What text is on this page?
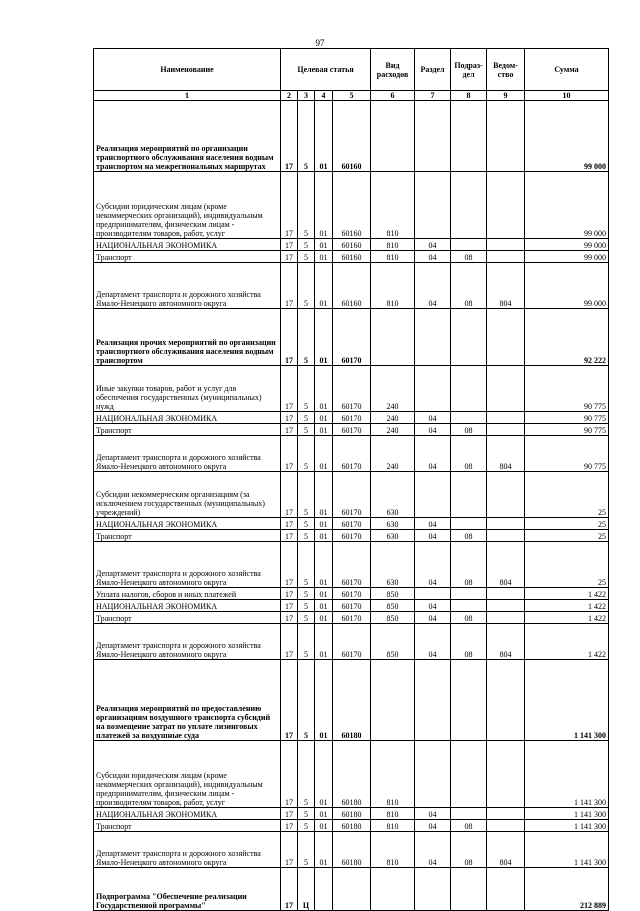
97
Наименование	Целевая статья				Вид расходов	Раздел	Подраз-дел	Ведом-ство	Сумма
1	2	3	4	5	6	7	8	9	10
Реализация мероприятий по организации транспортного обслуживания населения водным транспортом на межрегиональных маршрутах	17	5	01	60160					99 000
Субсидии юридическим лицам (кроме некоммерческих организаций), индивидуальным предпринимателям, физическим лицам - производителям товаров, работ, услуг	17	5	01	60160	810				99 000
НАЦИОНАЛЬНАЯ ЭКОНОМИКА	17	5	01	60160	810	04			99 000
Транспорт	17	5	01	60160	810	04	08		99 000
Департамент транспорта и дорожного хозяйства Ямало-Ненецкого автономного округа	17	5	01	60160	810	04	08	804	99 000
Реализация прочих мероприятий по организации транспортного обслуживания населения водным транспортом	17	5	01	60170					92 222
Иные закупки товаров, работ и услуг для обеспечения государственных (муниципальных) нужд	17	5	01	60170	240				90 775
НАЦИОНАЛЬНАЯ ЭКОНОМИКА	17	5	01	60170	240	04			90 775
Транспорт	17	5	01	60170	240	04	08		90 775
Департамент транспорта и дорожного хозяйства Ямало-Ненецкого автономного округа	17	5	01	60170	240	04	08	804	90 775
Субсидии некоммерческим организациям (за исключением государственных (муниципальных) учреждений)	17	5	01	60170	630				25
НАЦИОНАЛЬНАЯ ЭКОНОМИКА	17	5	01	60170	630	04			25
Транспорт	17	5	01	60170	630	04	08		25
Департамент транспорта и дорожного хозяйства Ямало-Ненецкого автономного округа	17	5	01	60170	630	04	08	804	25
Уплата налогов, сборов и иных платежей	17	5	01	60170	850				1 422
НАЦИОНАЛЬНАЯ ЭКОНОМИКА	17	5	01	60170	850	04			1 422
Транспорт	17	5	01	60170	850	04	08		1 422
Департамент транспорта и дорожного хозяйства Ямало-Ненецкого автономного округа	17	5	01	60170	850	04	08	804	1 422
Реализация мероприятий по предоставлению организациям воздушного транспорта субсидий на возмещение затрат по уплате лизинговых платежей за воздушные суда	17	5	01	60180					1 141 300
Субсидии юридическим лицам (кроме некоммерческих организаций), индивидуальным предпринимателям, физическим лицам - производителям товаров, работ, услуг	17	5	01	60180	810				1 141 300
НАЦИОНАЛЬНАЯ ЭКОНОМИКА	17	5	01	60180	810	04			1 141 300
Транспорт	17	5	01	60180	810	04	08		1 141 300
Департамент транспорта и дорожного хозяйства Ямало-Ненецкого автономного округа	17	5	01	60180	810	04	08	804	1 141 300
Подпрограмма "Обеспечение реализации Государственной программы"	17	Ц							212 889
